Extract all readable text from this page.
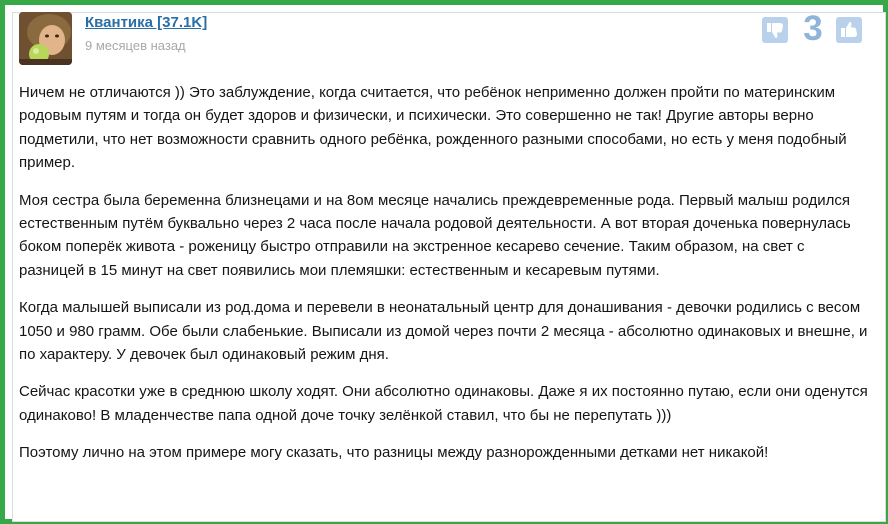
Квантика [37.1K]
9 месяцев назад	3

Ничем не отличаются )) Это заблуждение, когда считается, что ребёнок неприменно должен пройти по материнским родовым путям и тогда он будет здоров и физически, и психически. Это совершенно не так! Другие авторы верно подметили, что нет возможности сравнить одного ребёнка, рожденного разными способами, но есть у меня подобный пример.

Моя сестра была беременна близнецами и на 8ом месяце начались преждевременные рода. Первый малыш родился естественным путём буквально через 2 часа после начала родовой деятельности. А вот вторая доченька повернулась боком поперёк живота - роженицу быстро отправили на экстренное кесарево сечение. Таким образом, на свет с разницей в 15 минут на свет появились мои племяшки: естественным и кесаревым путями.

Когда малышей выписали из род.дома и перевели в неонатальный центр для донашивания - девочки родились с весом 1050 и 980 грамм. Обе были слабенькие. Выписали из домой через почти 2 месяца - абсолютно одинаковых и внешне, и по характеру. У девочек был одинаковый режим дня.

Сейчас красотки уже в среднюю школу ходят. Они абсолютно одинаковы. Даже я их постоянно путаю, если они оденутся одинаково! В младенчестве папа одной доче точку зелёнкой ставил, что бы не перепутать )))

Поэтому лично на этом примере могу сказать, что разницы между разнорожденными детками нет никакой!
